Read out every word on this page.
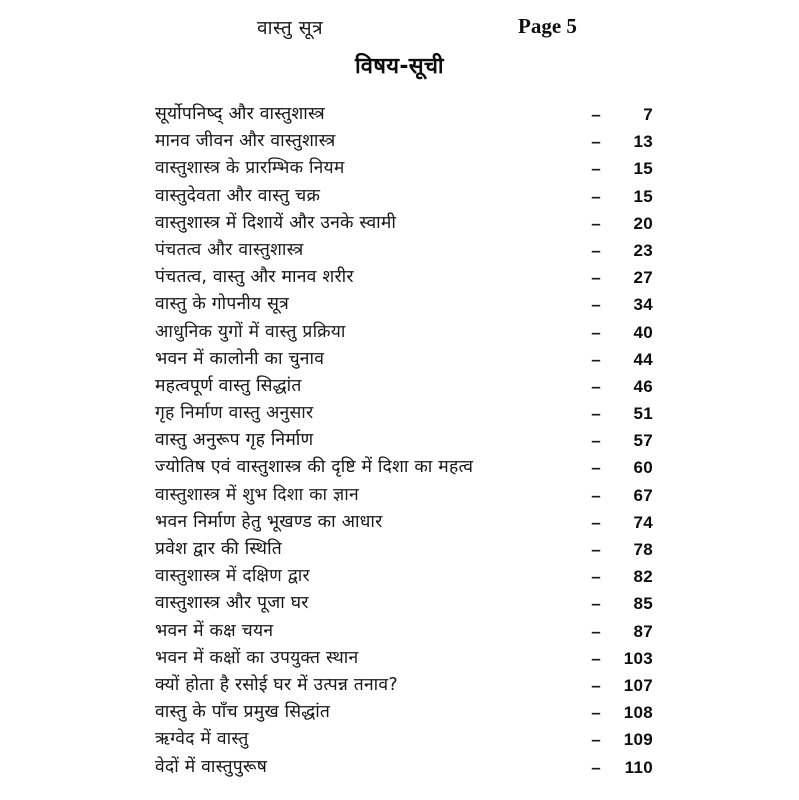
वास्तु सूत्र	Page 5
विषय-सूची
सूर्योपनिष्द् और वास्तुशास्त्र	–	7
मानव जीवन और वास्तुशास्त्र	–	13
वास्तुशास्त्र के प्रारम्भिक नियम	–	15
वास्तुदेवता और वास्तु चक्र	–	15
वास्तुशास्त्र में दिशायें और उनके स्वामी	–	20
पंचतत्व और वास्तुशास्त्र	–	23
पंचतत्व, वास्तु और मानव शरीर	–	27
वास्तु के गोपनीय सूत्र	–	34
आधुनिक युगों में वास्तु प्रक्रिया	–	40
भवन में कालोनी का चुनाव	–	44
महत्वपूर्ण वास्तु सिद्धांत	–	46
गृह निर्माण वास्तु अनुसार	–	51
वास्तु अनुरूप गृह निर्माण	–	57
ज्योतिष एवं वास्तुशास्त्र की दृष्टि में दिशा का महत्व	–	60
वास्तुशास्त्र में शुभ दिशा का ज्ञान	–	67
भवन निर्माण हेतु भूखण्ड का आधार	–	74
प्रवेश द्वार की स्थिति	–	78
वास्तुशास्त्र में दक्षिण द्वार	–	82
वास्तुशास्त्र और पूजा घर	–	85
भवन में कक्ष चयन	–	87
भवन में कक्षों का उपयुक्त स्थान	–	103
क्यों होता है रसोई घर में उत्पन्न तनाव?	–	107
वास्तु के पाँच प्रमुख सिद्धांत	–	108
ऋग्वेद में वास्तु	–	109
वेदों में वास्तुपुरूष	–	110
